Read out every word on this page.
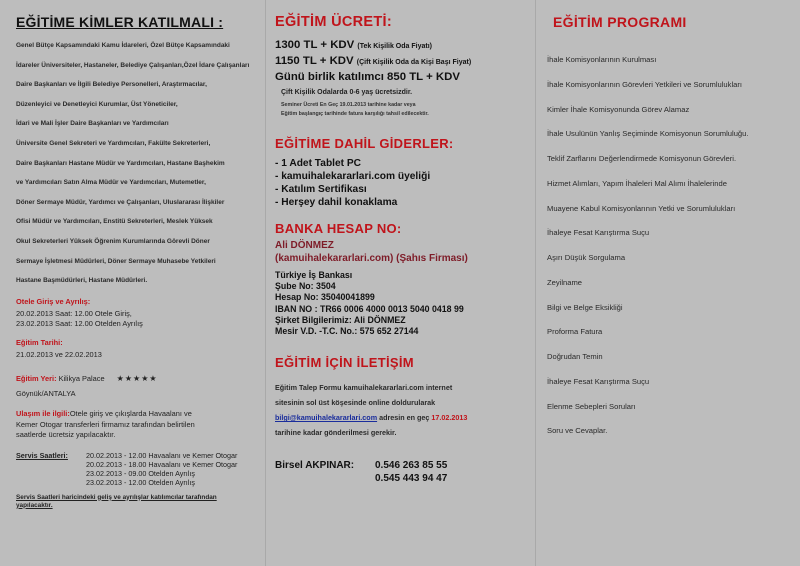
EĞİTİME KİMLER KATILMALI :
Genel Bütçe Kapsamındaki Kamu İdareleri, Özel Bütçe Kapsamındaki
İdareler Üniversiteler, Hastaneler, Belediye Çalışanları,Özel İdare Çalışanları
Daire Başkanları ve İlgili Belediye Personelleri, Araştırmacılar,
Düzenleyici ve Denetleyici Kurumlar, Üst Yöneticiler,
İdari ve Mali İşler Daire Başkanları ve Yardımcıları
Üniversite Genel Sekreteri ve Yardımcıları, Fakülte Sekreterleri,
Daire Başkanları Hastane Müdür ve Yardımcıları, Hastane Başhekim
ve Yardımcıları Satın Alma Müdür ve Yardımcıları, Mutemetler,
Döner Sermaye Müdür, Yardımcı ve Çalışanları, Uluslararası İlişkiler
Ofisi Müdür ve Yardımcıları, Enstitü Sekreterleri, Meslek Yüksek
Okul Sekreterleri Yüksek Öğrenim Kurumlarında Görevli Döner
Sermaye İşletmesi Müdürleri, Döner Sermaye Muhasebe Yetkileri
Hastane Başmüdürleri, Hastane Müdürleri.
Otele Giriş ve Ayrılış:
20.02.2013 Saat: 12.00 Otele Giriş,
23.02.2013 Saat: 12.00 Otelden Ayrılış
Eğitim Tarihi:
21.02.2013 ve 22.02.2013
Eğitim Yeri: Kilikya Palace ★★★★★
Göynük/ANTALYA
Ulaşım ile ilgili:Otele giriş ve çıkışlarda Havaalanı ve
Kemer Otogar transferleri firmamız tarafından belirtilen
saatlerde ücretsiz yapılacaktır.
Servis Saatleri:	20.02.2013 - 12.00 Havaalanı ve Kemer Otogar
20.02.2013 - 18.00 Havaalanı ve Kemer Otogar
23.02.2013 - 09.00 Otelden Ayrılış
23.02.2013 - 12.00 Otelden Ayrılış
Servis Saatleri haricindeki geliş ve ayrılışlar katılımcılar tarafından
yapılacaktır.
EĞİTİM ÜCRETİ:
1300 TL + KDV (Tek Kişilik Oda Fiyatı)
1150 TL + KDV (Çift Kişilik Oda da Kişi Başı Fiyat)
Günü birlik katılımcı 850 TL + KDV
Çift Kişilik Odalarda 0-6 yaş ücretsizdir.
Seminer Ücreti En Geç 19.01.2013 tarihine kadar veya
Eğitim başlangıç tarihinde fatura karşılığı tahsil edilecektir.
EĞİTİME DAHİL GİDERLER:
- 1 Adet Tablet PC
- kamuihalekararlari.com üyeliği
- Katılım Sertifikası
- Herşey dahil konaklama
BANKA HESAP NO:
Ali DÖNMEZ
(kamuihalekararlari.com) (Şahıs Firması)
Türkiye İş Bankası
Şube No: 3504
Hesap No: 35040041899
IBAN NO : TR66 0006 4000 0013 5040 0418 99
Şirket Bilgilerimiz: Ali DÖNMEZ
Mesir V.D. -T.C. No.: 575 652 27144
EĞİTİM İÇİN İLETİŞİM
Eğitim Talep Formu kamuihalekararlari.com internet
sitesinin sol üst köşesinde online doldurularak
bilgi@kamuihalekararlari.com adresin en geç 17.02.2013
tarihine kadar gönderilmesi gerekir.
Birsel AKPINAR:	0.546 263 85 55
0.545 443 94 47
EĞİTİM PROGRAMI
İhale Komisyonlarının Kurulması
İhale Komisyonlarının Görevleri Yetkileri ve Sorumlulukları
Kimler İhale Komisyonunda Görev Alamaz
İhale Usulünün Yanlış Seçiminde Komisyonun Sorumluluğu.
Teklif Zarflarını Değerlendirmede Komisyonun Görevleri.
Hizmet Alımları, Yapım İhaleleri Mal Alımı İhalelerinde
Muayene Kabul Komisyonlarının Yetki ve Sorumlulukları
İhaleye Fesat Karıştırma Suçu
Aşırı Düşük Sorgulama
Zeyilname
Bilgi ve Belge Eksikliği
Proforma Fatura
Doğrudan Temin
İhaleye Fesat Karıştırma Suçu
Elenme Sebepleri Soruları
Soru ve Cevaplar.
